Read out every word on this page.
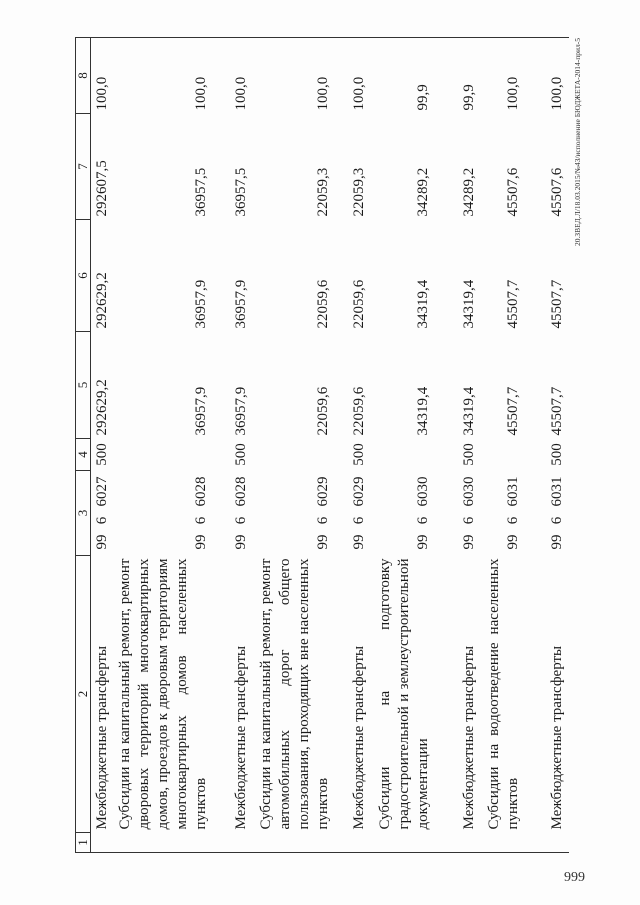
1	2	3			4	5	6	7	8
	Межбюджетные трансферты	99	6	6027	500	292629,2	292629,2	292607,5	100,0
	Субсидии на капитальный ремонт, ремонт дворовых территорий многоквартирных домов, проездов к дворовым территориям многоквартирных домов населенных пунктов	99	6	6028		36957,9	36957,9	36957,5	100,0
	Межбюджетные трансферты	99	6	6028	500	36957,9	36957,9	36957,5	100,0
	Субсидии на капитальный ремонт, ремонт автомобильных дорог общего пользования, проходящих вне населенных пунктов	99	6	6029		22059,6	22059,6	22059,3	100,0
	Межбюджетные трансферты	99	6	6029	500	22059,6	22059,6	22059,3	100,0
	Субсидии на подготовку градостроительной и землеустроительной документации	99	6	6030		34319,4	34319,4	34289,2	99,9
	Межбюджетные трансферты	99	6	6030	500	34319,4	34319,4	34289,2	99,9
	Субсидии на водоотведение населенных пунктов	99	6	6031		45507,7	45507,7	45507,6	100,0
	Межбюджетные трансферты	99	6	6031	500	45507,7	45507,7	45507,6	100,0 20.ЗВЕД.Л/18.03.2015/№43/исполнение БЮДЖЕТА-2014-прил-5
999
